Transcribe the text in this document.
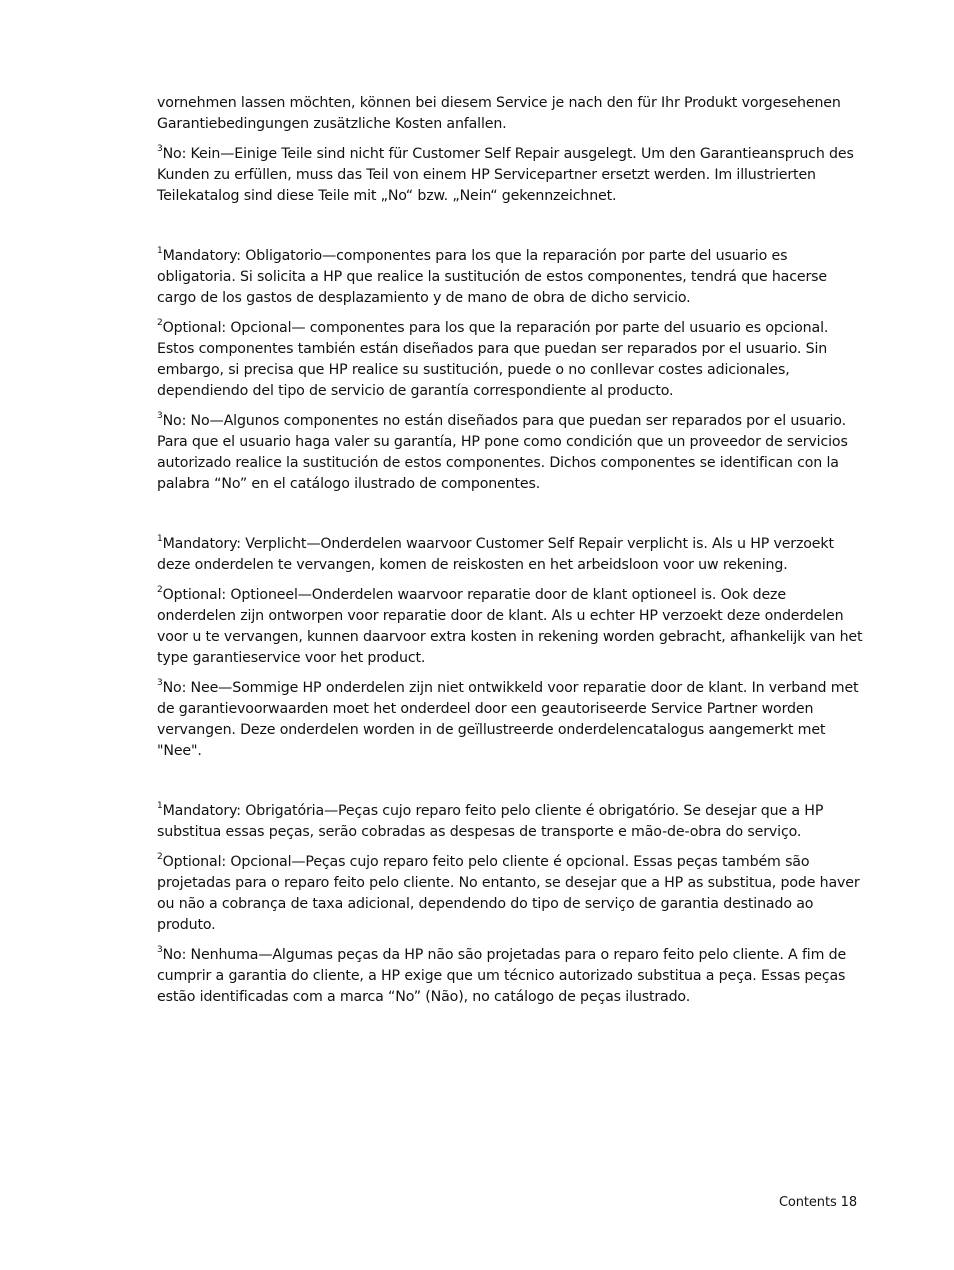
vornehmen lassen möchten, können bei diesem Service je nach den für Ihr Produkt vorgesehenen Garantiebedingungen zusätzliche Kosten anfallen.

$^3$No: Kein—Einige Teile sind nicht für Customer Self Repair ausgelegt. Um den Garantieanspruch des Kunden zu erfüllen, muss das Teil von einem HP Servicepartner ersetzt werden. Im illustrierten Teilekatalog sind diese Teile mit „No“ bzw. „Nein“ gekennzeichnet.

$^1$Mandatory: Obligatorio—componentes para los que la reparación por parte del usuario es obligatoria. Si solicita a HP que realice la sustitución de estos componentes, tendrá que hacerse cargo de los gastos de desplazamiento y de mano de obra de dicho servicio.

$^2$Optional: Opcional— componentes para los que la reparación por parte del usuario es opcional. Estos componentes también están diseñados para que puedan ser reparados por el usuario. Sin embargo, si precisa que HP realice su sustitución, puede o no conllevar costes adicionales, dependiendo del tipo de servicio de garantía correspondiente al producto.

$^3$No: No—Algunos componentes no están diseñados para que puedan ser reparados por el usuario. Para que el usuario haga valer su garantía, HP pone como condición que un proveedor de servicios autorizado realice la sustitución de estos componentes. Dichos componentes se identifican con la palabra “No” en el catálogo ilustrado de componentes.

$^1$Mandatory: Verplicht—Onderdelen waarvoor Customer Self Repair verplicht is. Als u HP verzoekt deze onderdelen te vervangen, komen de reiskosten en het arbeidsloon voor uw rekening.

$^2$Optional: Optioneel—Onderdelen waarvoor reparatie door de klant optioneel is. Ook deze onderdelen zijn ontworpen voor reparatie door de klant. Als u echter HP verzoekt deze onderdelen voor u te vervangen, kunnen daarvoor extra kosten in rekening worden gebracht, afhankelijk van het type garantieservice voor het product.

$^3$No: Nee—Sommige HP onderdelen zijn niet ontwikkeld voor reparatie door de klant. In verband met de garantievoorwaarden moet het onderdeel door een geautoriseerde Service Partner worden vervangen. Deze onderdelen worden in de geïllustreerde onderdelencatalogus aangemerkt met "Nee".

$^1$Mandatory: Obrigatória—Peças cujo reparo feito pelo cliente é obrigatório. Se desejar que a HP substitua essas peças, serão cobradas as despesas de transporte e mão-de-obra do serviço.

$^2$Optional: Opcional—Peças cujo reparo feito pelo cliente é opcional. Essas peças também são projetadas para o reparo feito pelo cliente. No entanto, se desejar que a HP as substitua, pode haver ou não a cobrança de taxa adicional, dependendo do tipo de serviço de garantia destinado ao produto.

$^3$No: Nenhuma—Algumas peças da HP não são projetadas para o reparo feito pelo cliente. A fim de cumprir a garantia do cliente, a HP exige que um técnico autorizado substitua a peça. Essas peças estão identificadas com a marca “No” (Não), no catálogo de peças ilustrado.

Contents 18
